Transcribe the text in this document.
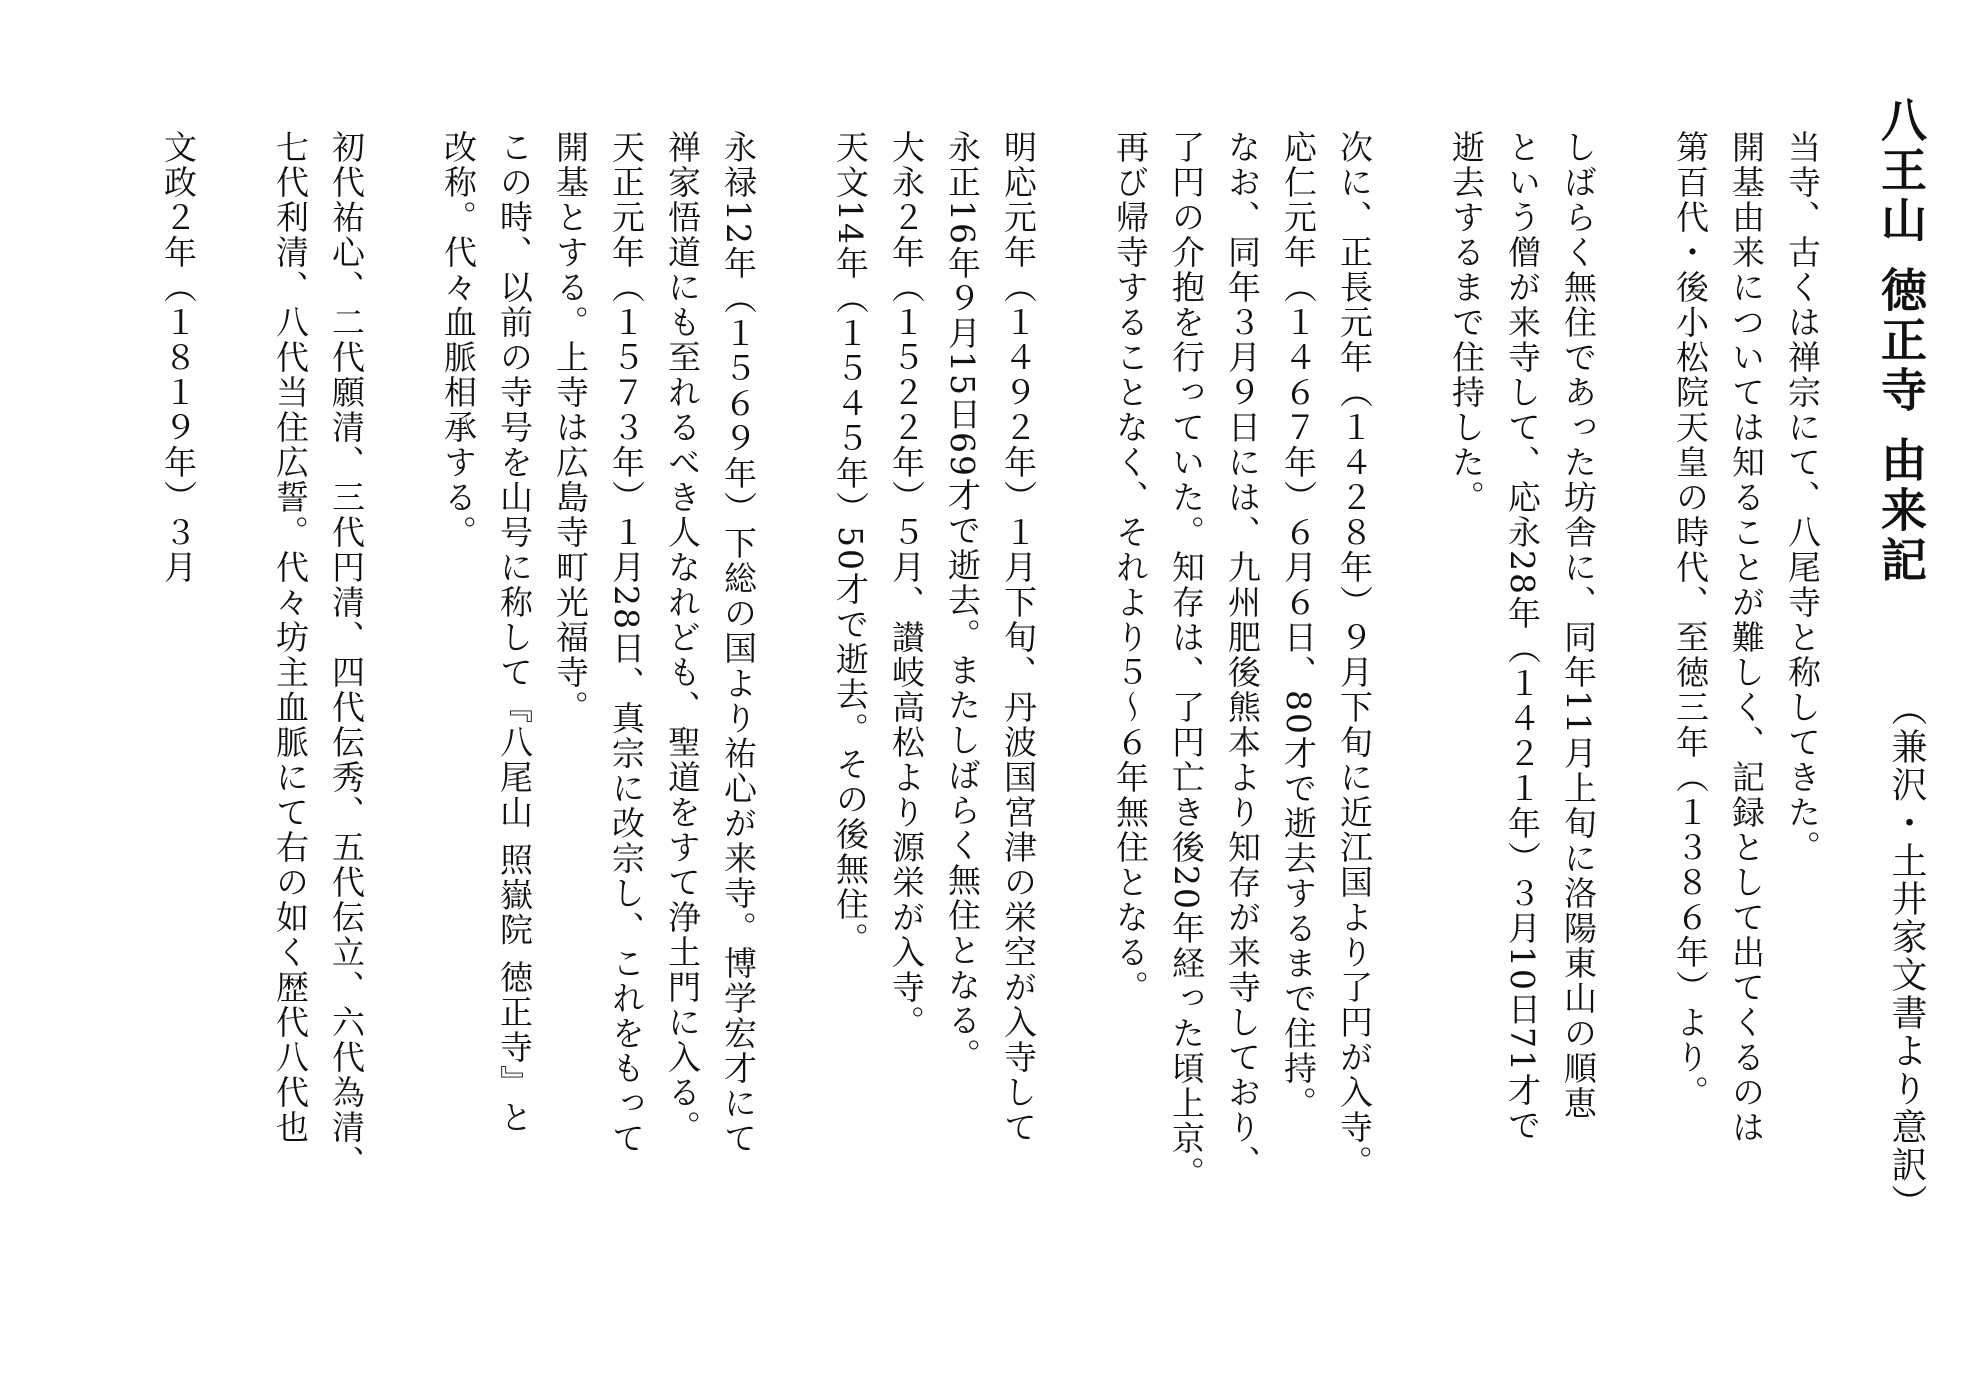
八王山 徳正寺 由来記
（兼沢・土井家文書より意訳）

当寺、古くは禅宗にて、八尾寺と称してきた。
開基由来については知ることが難しく、記録として出てくるのは
第百代・後小松院天皇の時代、至徳三年（１３８６年）より。

しばらく無住であった坊舎に、同年11月上旬に洛陽東山の順恵
という僧が来寺して、応永28年（１４２１年）３月10日71才で
逝去するまで住持した。

次に、正長元年（１４２８年）９月下旬に近江国より了円が入寺。
応仁元年（１４６７年）６月６日、80才で逝去するまで住持。
なお、同年３月９日には、九州肥後熊本より知存が来寺しており、
了円の介抱を行っていた。知存は、了円亡き後20年経った頃上京。
再び帰寺することなく、それより５～６年無住となる。

明応元年（１４９２年）１月下旬、丹波国宮津の栄空が入寺して
永正16年９月15日69才で逝去。またしばらく無住となる。
大永２年（１５２２年）５月、讃岐高松より源栄が入寺。
天文14年（１５４５年）50才で逝去。その後無住。

永禄12年（１５６９年）下総の国より祐心が来寺。博学宏才にて
禅家悟道にも至れるべき人なれども、聖道をすて浄土門に入る。
天正元年（１５７３年）１月28日、真宗に改宗し、これをもって
開基とする。上寺は広島寺町光福寺。
この時、以前の寺号を山号に称して『八尾山 照嶽院 徳正寺』と
改称。代々血脈相承する。

初代祐心、二代願清、三代円清、四代伝秀、五代伝立、六代為清、
七代利清、八代当住広誓。代々坊主血脈にて右の如く歴代八代也

文政２年（１８１９年）３月
